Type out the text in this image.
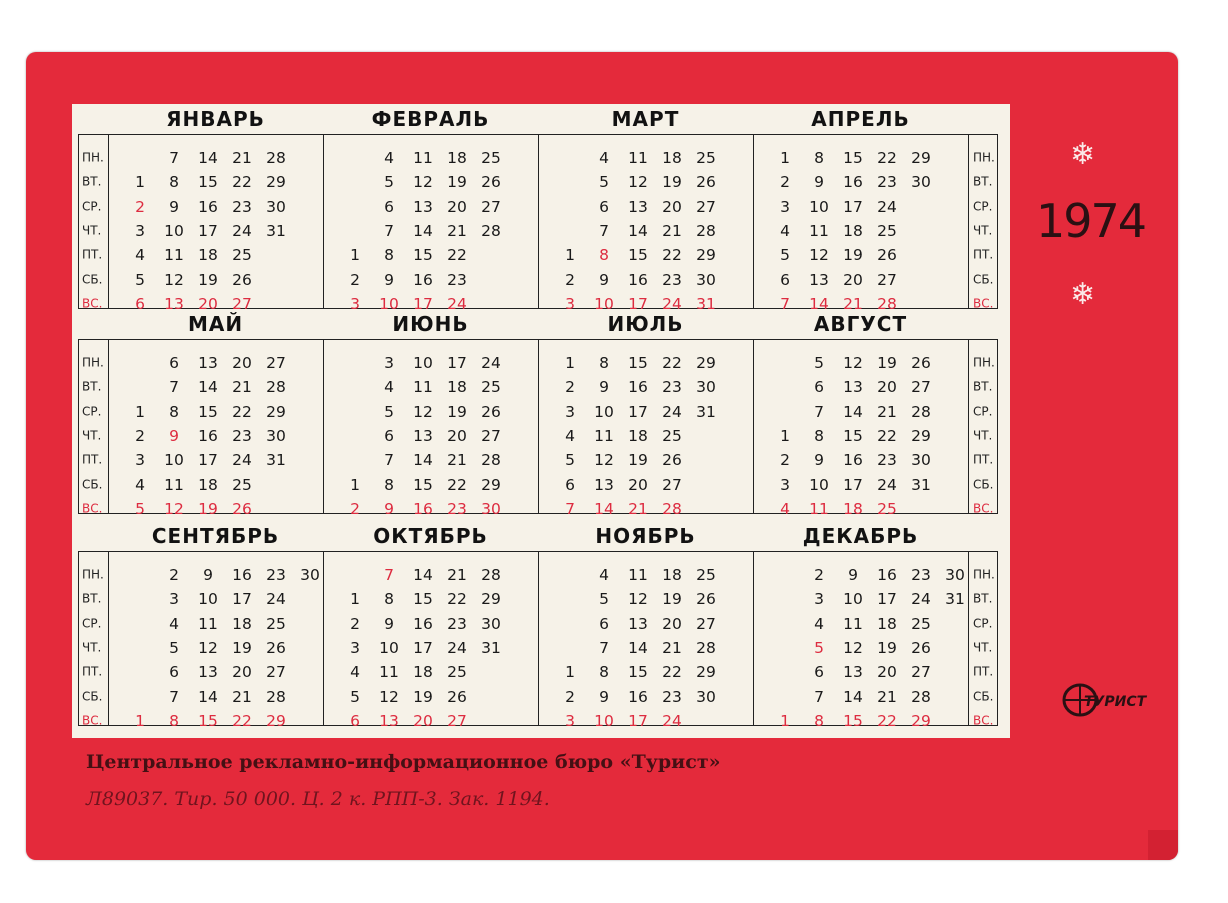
ПН.
ВТ.
СР.
ЧТ.
ПТ.
СБ.
ВС.
ПН.
ВТ.
СР.
ЧТ.
ПТ.
СБ.
ВС.
ЯНВАРЬ
1
2
3
4
5
6
7
8
9
10
11
12
13
14
15
16
17
18
19
20
21
22
23
24
25
26
27
28
29
30
31
ФЕВРАЛЬ
1
2
3
4
5
6
7
8
9
10
11
12
13
14
15
16
17
18
19
20
21
22
23
24
25
26
27
28
МАРТ
1
2
3
4
5
6
7
8
9
10
11
12
13
14
15
16
17
18
19
20
21
22
23
24
25
26
27
28
29
30
31
АПРЕЛЬ
1
2
3
4
5
6
7
8
9
10
11
12
13
14
15
16
17
18
19
20
21
22
23
24
25
26
27
28
29
30
ПН.
ВТ.
СР.
ЧТ.
ПТ.
СБ.
ВС.
ПН.
ВТ.
СР.
ЧТ.
ПТ.
СБ.
ВС.
МАЙ
1
2
3
4
5
6
7
8
9
10
11
12
13
14
15
16
17
18
19
20
21
22
23
24
25
26
27
28
29
30
31
ИЮНЬ
1
2
3
4
5
6
7
8
9
10
11
12
13
14
15
16
17
18
19
20
21
22
23
24
25
26
27
28
29
30
ИЮЛЬ
1
2
3
4
5
6
7
8
9
10
11
12
13
14
15
16
17
18
19
20
21
22
23
24
25
26
27
28
29
30
31
АВГУСТ
1
2
3
4
5
6
7
8
9
10
11
12
13
14
15
16
17
18
19
20
21
22
23
24
25
26
27
28
29
30
31
ПН.
ВТ.
СР.
ЧТ.
ПТ.
СБ.
ВС.
ПН.
ВТ.
СР.
ЧТ.
ПТ.
СБ.
ВС.
СЕНТЯБРЬ
1
2
3
4
5
6
7
8
9
10
11
12
13
14
15
16
17
18
19
20
21
22
23
24
25
26
27
28
29
30
ОКТЯБРЬ
1
2
3
4
5
6
7
8
9
10
11
12
13
14
15
16
17
18
19
20
21
22
23
24
25
26
27
28
29
30
31
НОЯБРЬ
1
2
3
4
5
6
7
8
9
10
11
12
13
14
15
16
17
18
19
20
21
22
23
24
25
26
27
28
29
30
ДЕКАБРЬ
1
2
3
4
5
6
7
8
9
10
11
12
13
14
15
16
17
18
19
20
21
22
23
24
25
26
27
28
29
30
31
❄
❄
1974
ТУРИСТ
Центральное рекламно-информационное бюро «Турист»
Л89037. Тир. 50 000. Ц. 2 к. РПП-3. Зак. 1194.
